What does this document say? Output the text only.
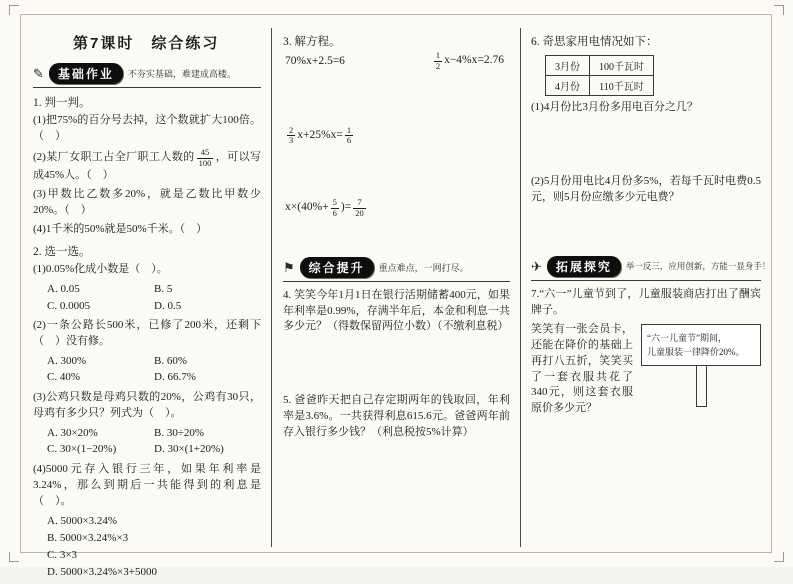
第7课时　综合练习
✎	基础作业	不夯实基础，难建成高楼。

1. 判一判。

(1)把75%的百分号去掉，这个数就扩大100倍。（　）

(2)某厂女职工占全厂职工人数的 $\frac{45}{100}$ ，可以写成45%人。（　）

(3)甲数比乙数多20%，就是乙数比甲数少20%。（　）

(4)1千米的50%就是50%千米。（　）

2. 选一选。

(1)0.05%化成小数是（　）。

A. 0.05	B. 5
C. 0.0005	D. 0.5

(2)一条公路长500米，已修了200米，还剩下（　）没有修。

A. 300%	B. 60%
C. 40%	D. 66.7%

(3)公鸡只数是母鸡只数的20%，公鸡有30只，母鸡有多少只？列式为（　）。

A. 30×20%	B. 30÷20%
C. 30×(1−20%)	D. 30×(1+20%)

(4)5000元存入银行三年，如果年利率是3.24%，那么到期后一共能得到的利息是（　）。

A. 5000×3.24%
B. 5000×3.24%×3
C. 3×3
D. 5000×3.24%×3+5000

3. 解方程。

70%x+2.5=6	$\frac{1}{2} x-4\%x=2.76$
$\frac{2}{3} x+25\%x= \frac{1}{6}$
$x\times(40\%+ \frac{5}{6}$ )= $\frac{7}{20}$
⚑	综合提升	重点难点，一网打尽。

4. 笑笑今年1月1日在银行活期储蓄400元，如果年利率是0.99%，存满半年后，本金和利息一共多少元？（得数保留两位小数）（不缴利息税）

5. 爸爸昨天把自己存定期两年的钱取回，年利率是3.6%。一共获得利息615.6元。爸爸两年前存入银行多少钱？（利息税按5%计算）

6. 奇思家用电情况如下：

3月份	100千瓦时
4月份	110千瓦时

(1)4月份比3月份多用电百分之几？

(2)5月份用电比4月份多5%，若每千瓦时电费0.5元，则5月份应缴多少元电费？

✈	拓展探究	举一反三，应用创新，方能一显身手！

7.“六一”儿童节到了，儿童服装商店打出了酬宾牌子。

“六一儿童节”期间，

儿童服装一律降价20%。

笑笑有一张会员卡，还能在降价的基础上再打八五折，笑笑买了一套衣服共花了340元，则这套衣服原价多少元？
